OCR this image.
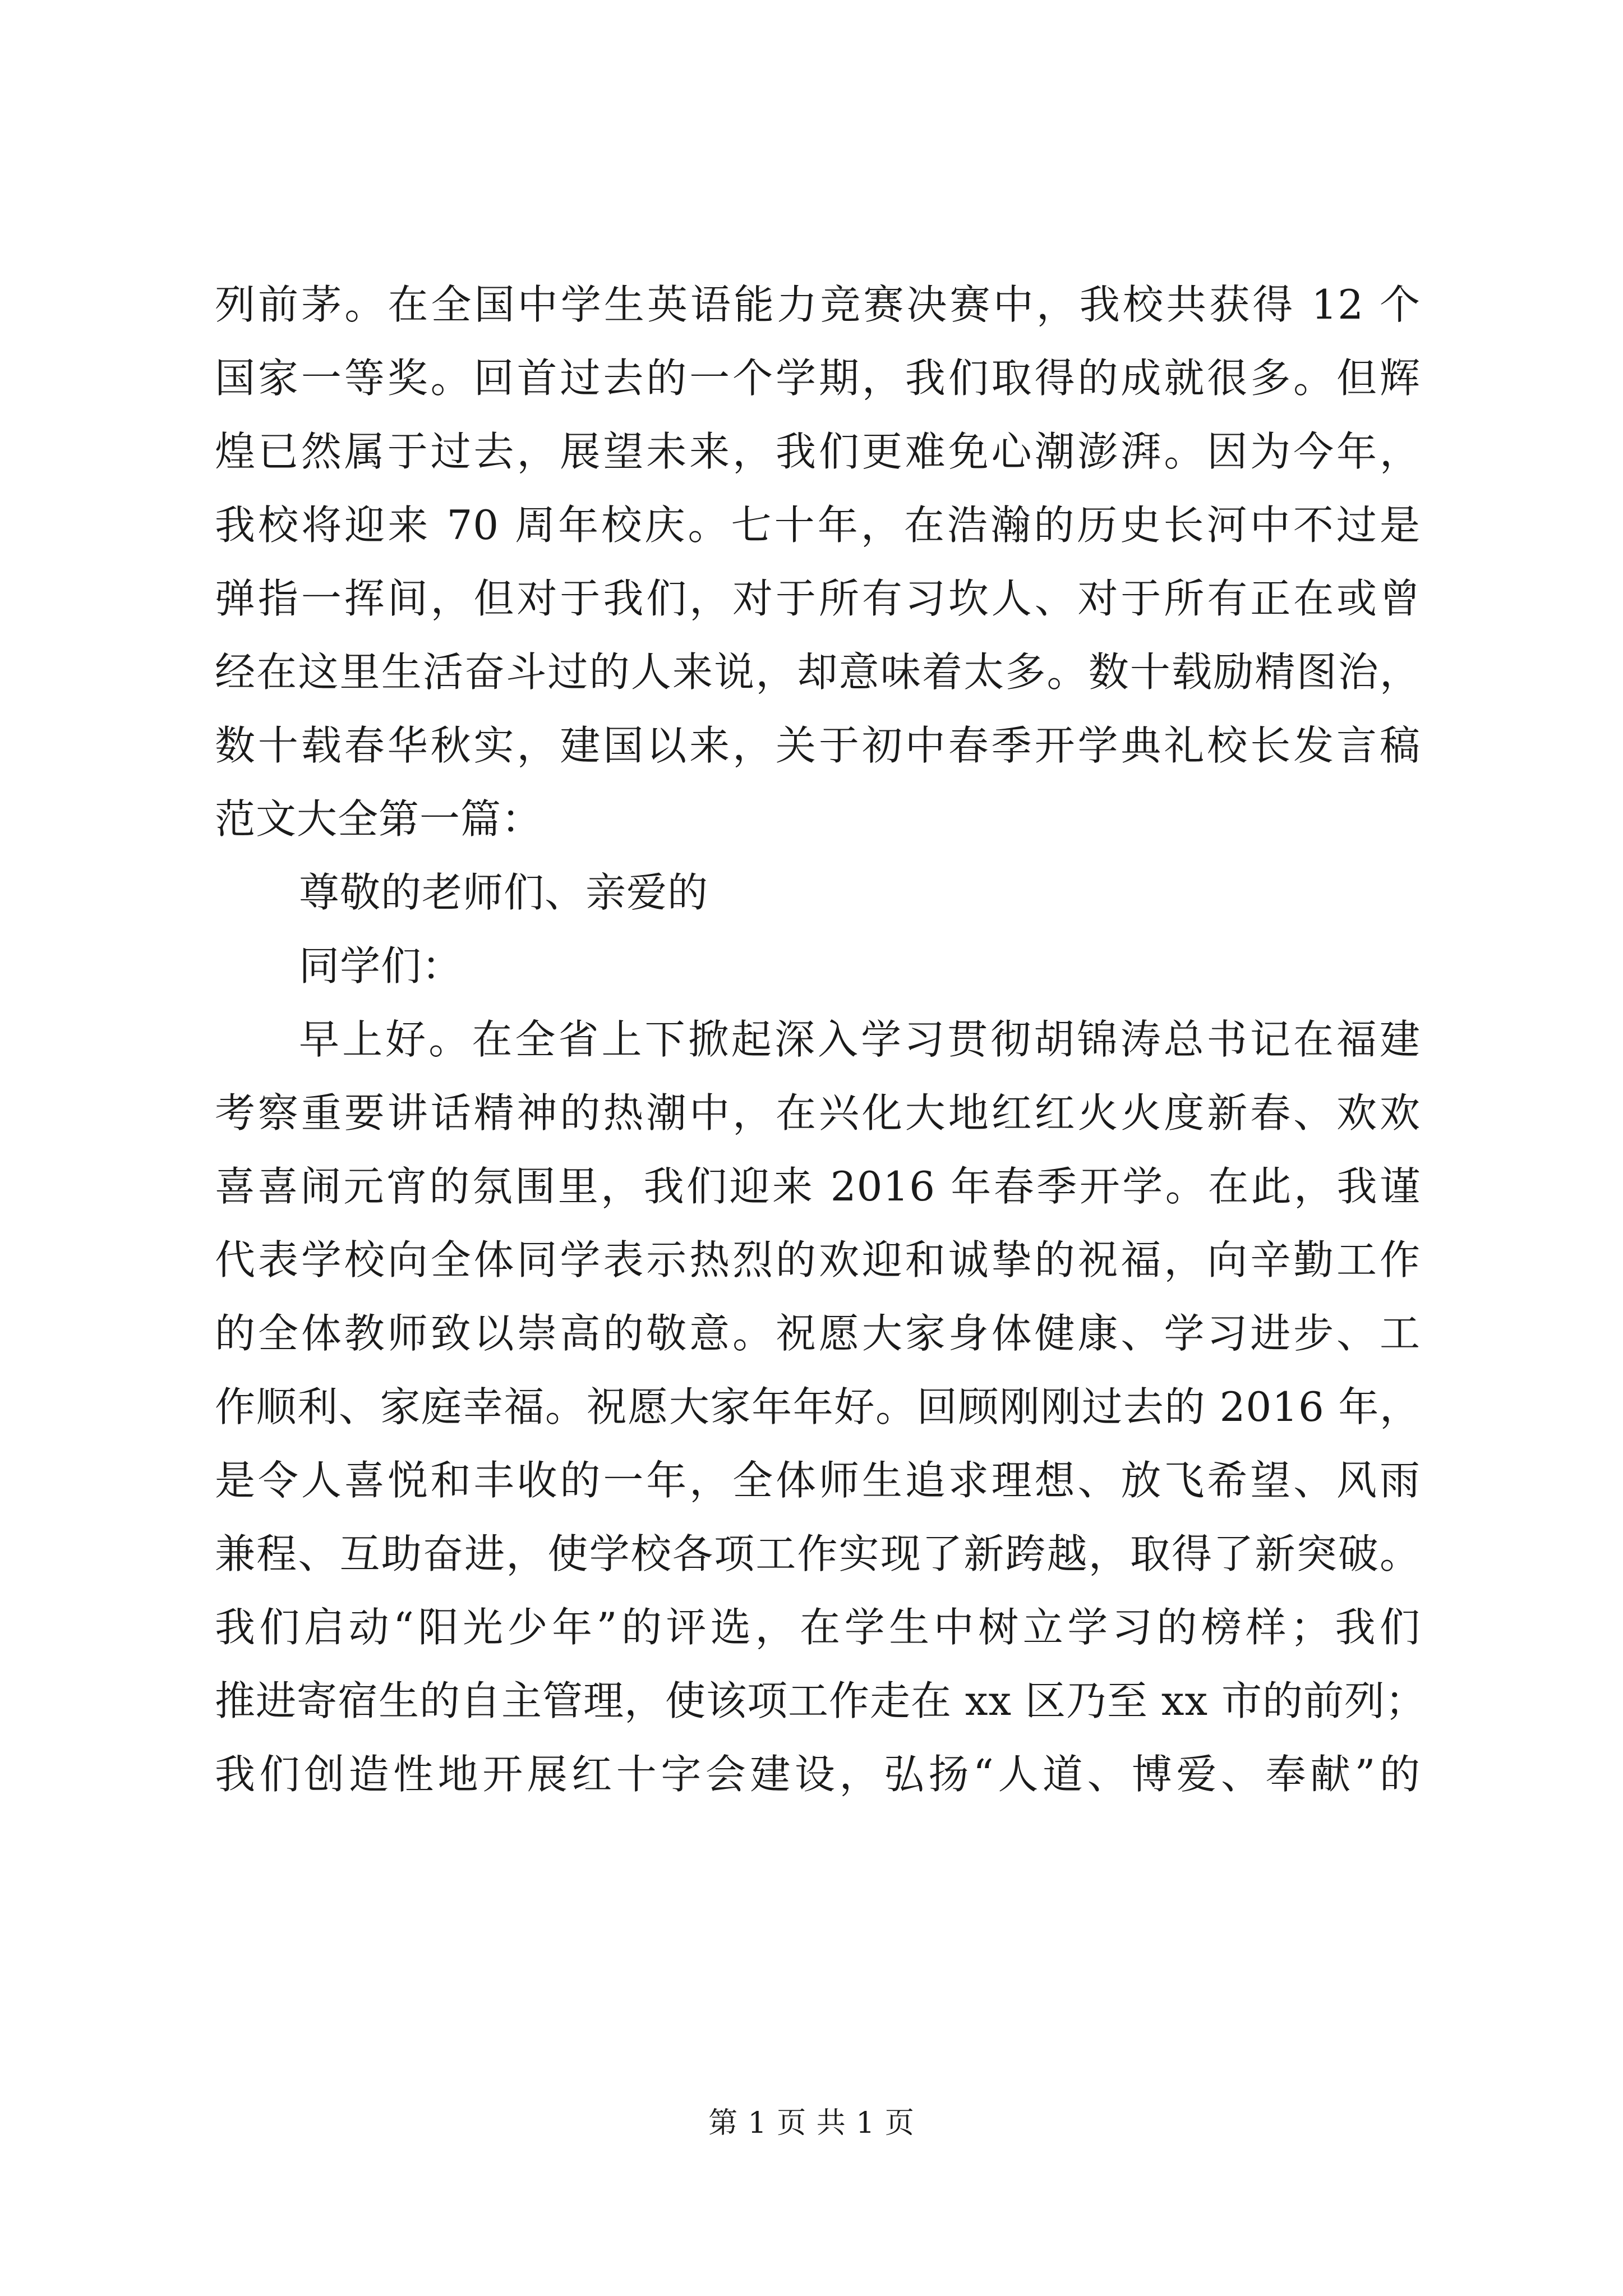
列前茅。在全国中学生英语能力竞赛决赛中，我校共获得 12 个
国家一等奖。回首过去的一个学期，我们取得的成就很多。但辉
煌已然属于过去，展望未来，我们更难免心潮澎湃。因为今年，
我校将迎来 70 周年校庆。七十年，在浩瀚的历史长河中不过是
弹指一挥间，但对于我们，对于所有习坎人、对于所有正在或曾
经在这里生活奋斗过的人来说，却意味着太多。数十载励精图治，
数十载春华秋实，建国以来，关于初中春季开学典礼校长发言稿
范文大全第一篇：
尊敬的老师们、亲爱的
同学们：
早上好。在全省上下掀起深入学习贯彻胡锦涛总书记在福建
考察重要讲话精神的热潮中，在兴化大地红红火火度新春、欢欢
喜喜闹元宵的氛围里，我们迎来 2016 年春季开学。在此，我谨
代表学校向全体同学表示热烈的欢迎和诚挚的祝福，向辛勤工作
的全体教师致以崇高的敬意。祝愿大家身体健康、学习进步、工
作顺利、家庭幸福。祝愿大家年年好。回顾刚刚过去的 2016 年，
是令人喜悦和丰收的一年，全体师生追求理想、放飞希望、风雨
兼程、互助奋进，使学校各项工作实现了新跨越，取得了新突破。
我们启动“阳光少年”的评选，在学生中树立学习的榜样；我们
推进寄宿生的自主管理，使该项工作走在 xx 区乃至 xx 市的前列；
我们创造性地开展红十字会建设，弘扬“人道、博爱、奉献”的
第 1 页 共 1 页
